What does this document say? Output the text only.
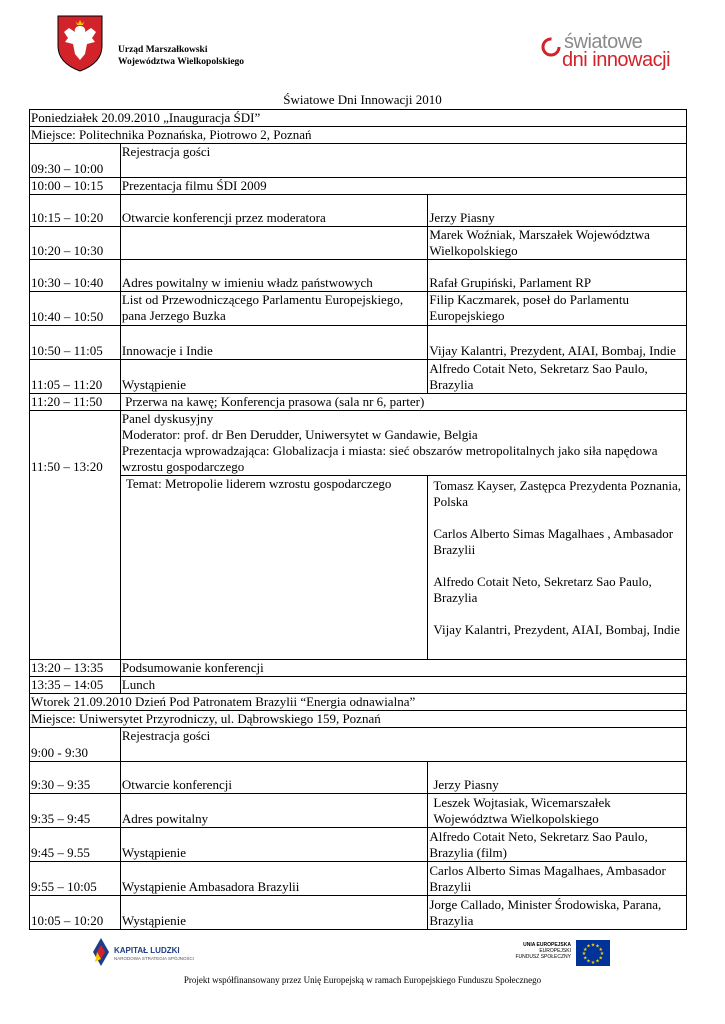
Urząd Marszałkowski
Województwa Wielkopolskiego
światowe
dni innowacji
Światowe Dni Innowacji 2010
Poniedziałek 20.09.2010 „Inauguracja ŚDI”		
Miejsce: Politechnika Poznańska, Piotrowo 2, Poznań		
09:30 – 10:00	Rejestracja gości	
10:00 – 10:15	Prezentacja filmu ŚDI 2009	
10:15 – 10:20	Otwarcie konferencji przez moderatora	Jerzy Piasny
10:20 – 10:30		Marek Woźniak, Marszałek Województwa Wielkopolskiego
10:30 – 10:40	Adres powitalny w imieniu władz państwowych	Rafał Grupiński, Parlament RP
10:40 – 10:50	List od Przewodniczącego Parlamentu Europejskiego, pana Jerzego Buzka	Filip Kaczmarek, poseł do Parlamentu Europejskiego
10:50 – 11:05	Innowacje i Indie	Vijay Kalantri, Prezydent, AIAI, Bombaj, Indie
11:05 – 11:20	Wystąpienie	Alfredo Cotait Neto, Sekretarz Sao Paulo, Brazylia
11:20 – 11:50	Przerwa na kawę; Konferencja prasowa (sala nr 6, parter)	
11:50 – 13:20	Panel dyskusyjny
Moderator: prof. dr Ben Derudder, Uniwersytet w Gandawie, Belgia
Prezentacja wprowadzająca: Globalizacja i miasta: sieć obszarów metropolitalnych jako siła napędowa wzrostu gospodarczego	

	Temat: Metropolie liderem wzrostu gospodarczego	Tomasz Kayser, Zastępca Prezydenta Poznania, Polska
Carlos Alberto Simas Magalhaes , Ambasador Brazylii
Alfredo Cotait Neto, Sekretarz Sao Paulo, Brazylia
Vijay Kalantri, Prezydent, AIAI, Bombaj, Indie

13:20 – 13:35	Podsumowanie konferencji	
13:35 – 14:05	Lunch	
Wtorek 21.09.2010 Dzień Pod Patronatem Brazylii “Energia odnawialna”		
Miejsce: Uniwersytet Przyrodniczy, ul. Dąbrowskiego 159, Poznań		
9:00 - 9:30	Rejestracja gości	
9:30 – 9:35	Otwarcie konferencji	Jerzy Piasny
9:35 – 9:45	Adres powitalny	Leszek Wojtasiak, Wicemarszałek Województwa Wielkopolskiego
9:45 – 9.55	Wystąpienie	Alfredo Cotait Neto, Sekretarz Sao Paulo, Brazylia (film)
9:55 – 10:05	Wystąpienie Ambasadora Brazylii	Carlos Alberto Simas Magalhaes, Ambasador Brazylii
10:05 – 10:20	Wystąpienie	Jorge Callado, Minister Środowiska, Parana, Brazylia
KAPITAŁ LUDZKI
NARODOWA STRATEGIA SPÓJNOŚCI
UNIA EUROPEJSKA
EUROPEJSKI
FUNDUSZ SPOŁECZNY
★ ★
★
★
★
★
★
★
★
★
★
★
Projekt współfinansowany przez Unię Europejską w ramach Europejskiego Funduszu Społecznego
